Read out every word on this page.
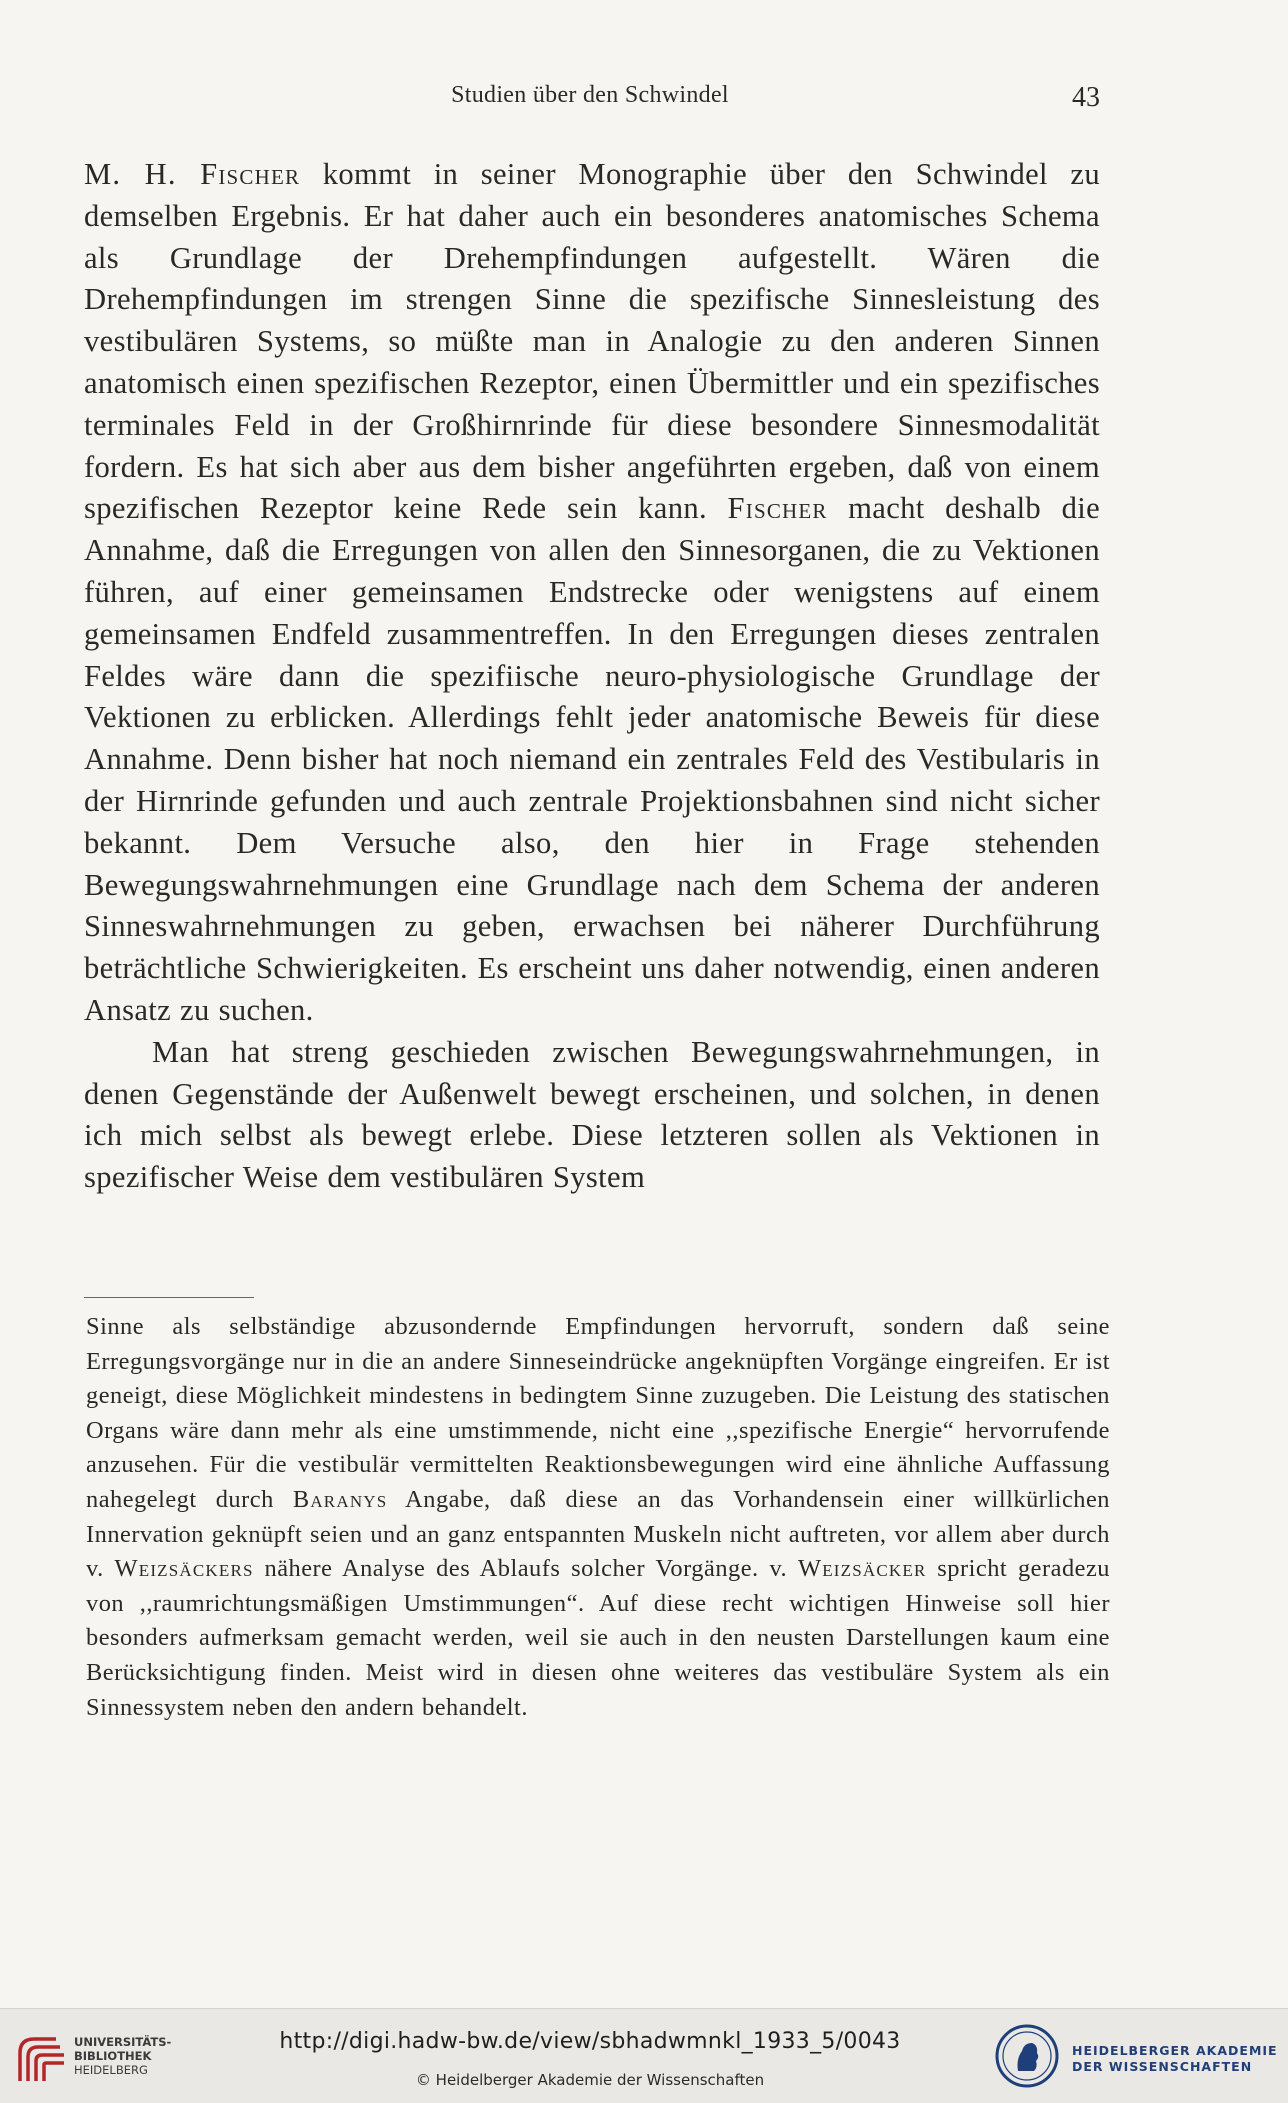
Studien über den Schwindel	43

M. H. Fischer kommt in seiner Monographie über den Schwindel zu demselben Ergebnis. Er hat daher auch ein besonderes anatomisches Schema als Grundlage der Drehempfindungen aufgestellt. Wären die Drehempfindungen im strengen Sinne die spezifische Sinnesleistung des vestibulären Systems, so müßte man in Analogie zu den anderen Sinnen anatomisch einen spezifischen Rezeptor, einen Übermittler und ein spezifisches terminales Feld in der Großhirnrinde für diese besondere Sinnesmodalität fordern. Es hat sich aber aus dem bisher angeführten ergeben, daß von einem spezifischen Rezeptor keine Rede sein kann. Fischer macht deshalb die Annahme, daß die Erregungen von allen den Sinnesorganen, die zu Vektionen führen, auf einer gemeinsamen Endstrecke oder wenigstens auf einem gemeinsamen Endfeld zusammentreffen. In den Erregungen dieses zentralen Feldes wäre dann die spezifiische neuro-physiologische Grundlage der Vektionen zu erblicken. Allerdings fehlt jeder anatomische Beweis für diese Annahme. Denn bisher hat noch niemand ein zentrales Feld des Vestibularis in der Hirnrinde gefunden und auch zentrale Projektionsbahnen sind nicht sicher bekannt. Dem Versuche also, den hier in Frage stehenden Bewegungswahrnehmungen eine Grundlage nach dem Schema der anderen Sinneswahrnehmungen zu geben, erwachsen bei näherer Durchführung beträchtliche Schwierigkeiten. Es erscheint uns daher notwendig, einen anderen Ansatz zu suchen.

Man hat streng geschieden zwischen Bewegungswahrnehmungen, in denen Gegenstände der Außenwelt bewegt erscheinen, und solchen, in denen ich mich selbst als bewegt erlebe. Diese letzteren sollen als Vektionen in spezifischer Weise dem vestibulären System

Sinne als selbständige abzusondernde Empfindungen hervorruft, sondern daß seine Erregungsvorgänge nur in die an andere Sinneseindrücke angeknüpften Vorgänge eingreifen. Er ist geneigt, diese Möglichkeit mindestens in bedingtem Sinne zuzugeben. Die Leistung des statischen Organs wäre dann mehr als eine umstimmende, nicht eine ,,spezifische Energie“ hervorrufende anzusehen. Für die vestibulär vermittelten Reaktionsbewegungen wird eine ähnliche Auffassung nahegelegt durch Baranys Angabe, daß diese an das Vorhandensein einer willkürlichen Innervation geknüpft seien und an ganz entspannten Muskeln nicht auftreten, vor allem aber durch v. Weizsäckers nähere Analyse des Ablaufs solcher Vorgänge. v. Weizsäcker spricht geradezu von ,,raumrichtungsmäßigen Umstimmungen“. Auf diese recht wichtigen Hinweise soll hier besonders aufmerksam gemacht werden, weil sie auch in den neusten Darstellungen kaum eine Berücksichtigung finden. Meist wird in diesen ohne weiteres das vestibuläre System als ein Sinnessystem neben den andern behandelt.
UNIVERSITÄTS-
BIBLIOTHEK
HEIDELBERG
http://digi.hadw-bw.de/view/sbhadwmnkl_1933_5/0043
© Heidelberger Akademie der Wissenschaften
HEIDELBERGER AKADEMIE
DER WISSENSCHAFTEN
